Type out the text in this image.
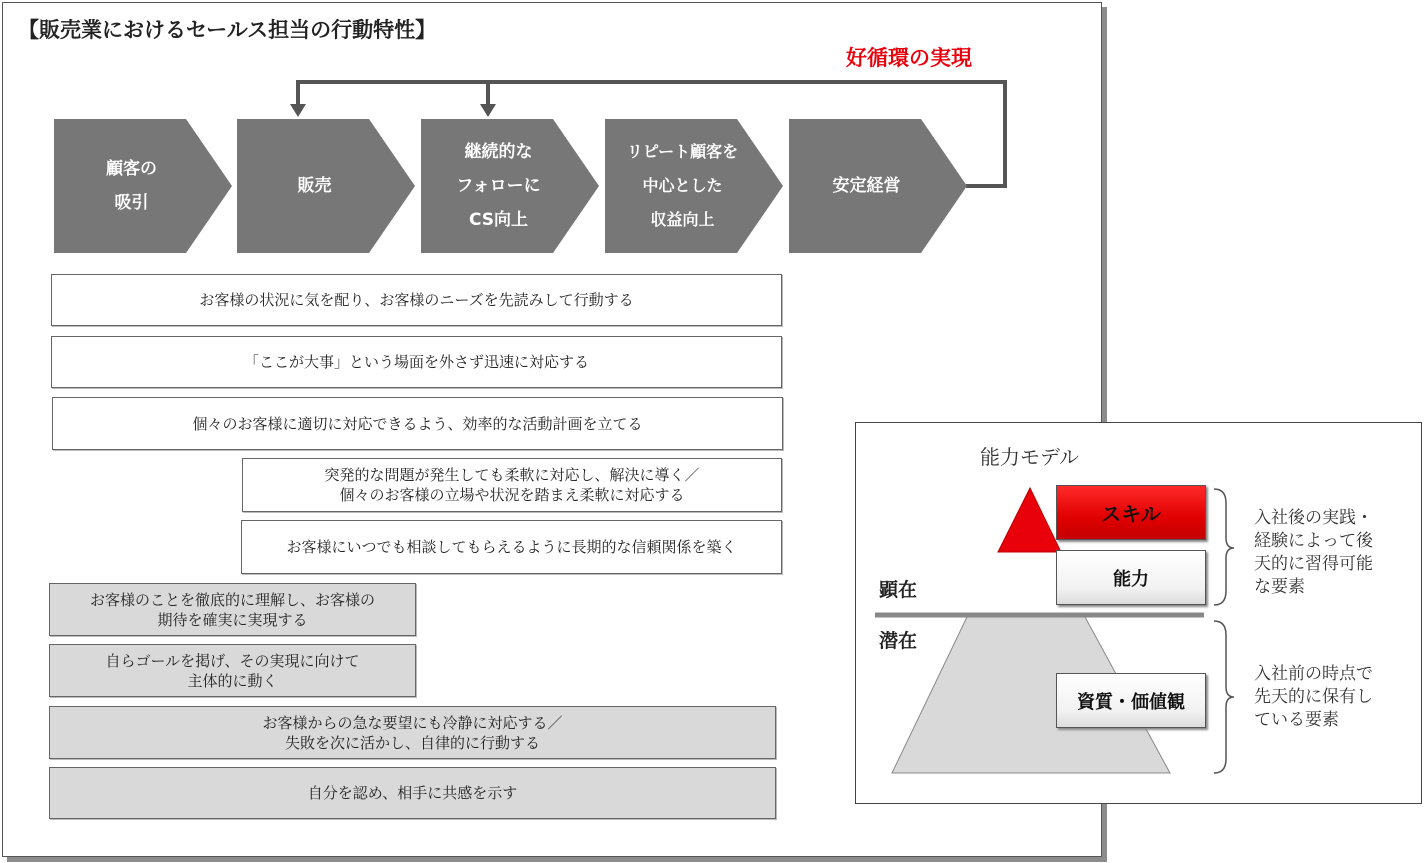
【販売業におけるセールス担当の行動特性】
好循環の実現
顧客の
吸引
販売
継続的な
フォローに
CS向上
リピート顧客を
中心とした
収益向上
安定経営
お客様の状況に気を配り、お客様のニーズを先読みして行動する
「ここが大事」という場面を外さず迅速に対応する
個々のお客様に適切に対応できるよう、効率的な活動計画を立てる
突発的な問題が発生しても柔軟に対応し、解決に導く／
個々のお客様の立場や状況を踏まえ柔軟に対応する
お客様にいつでも相談してもらえるように長期的な信頼関係を築く
お客様のことを徹底的に理解し、お客様の
期待を確実に実現する
自らゴールを掲げ、その実現に向けて
主体的に動く
お客様からの急な要望にも冷静に対応する／
失敗を次に活かし、自律的に行動する
自分を認め、相手に共感を示す
能力モデル
顕在
潜在
スキル
能力
資質・価値観
入社後の実践・
経験によって後
天的に習得可能
な要素
入社前の時点で
先天的に保有し
ている要素
